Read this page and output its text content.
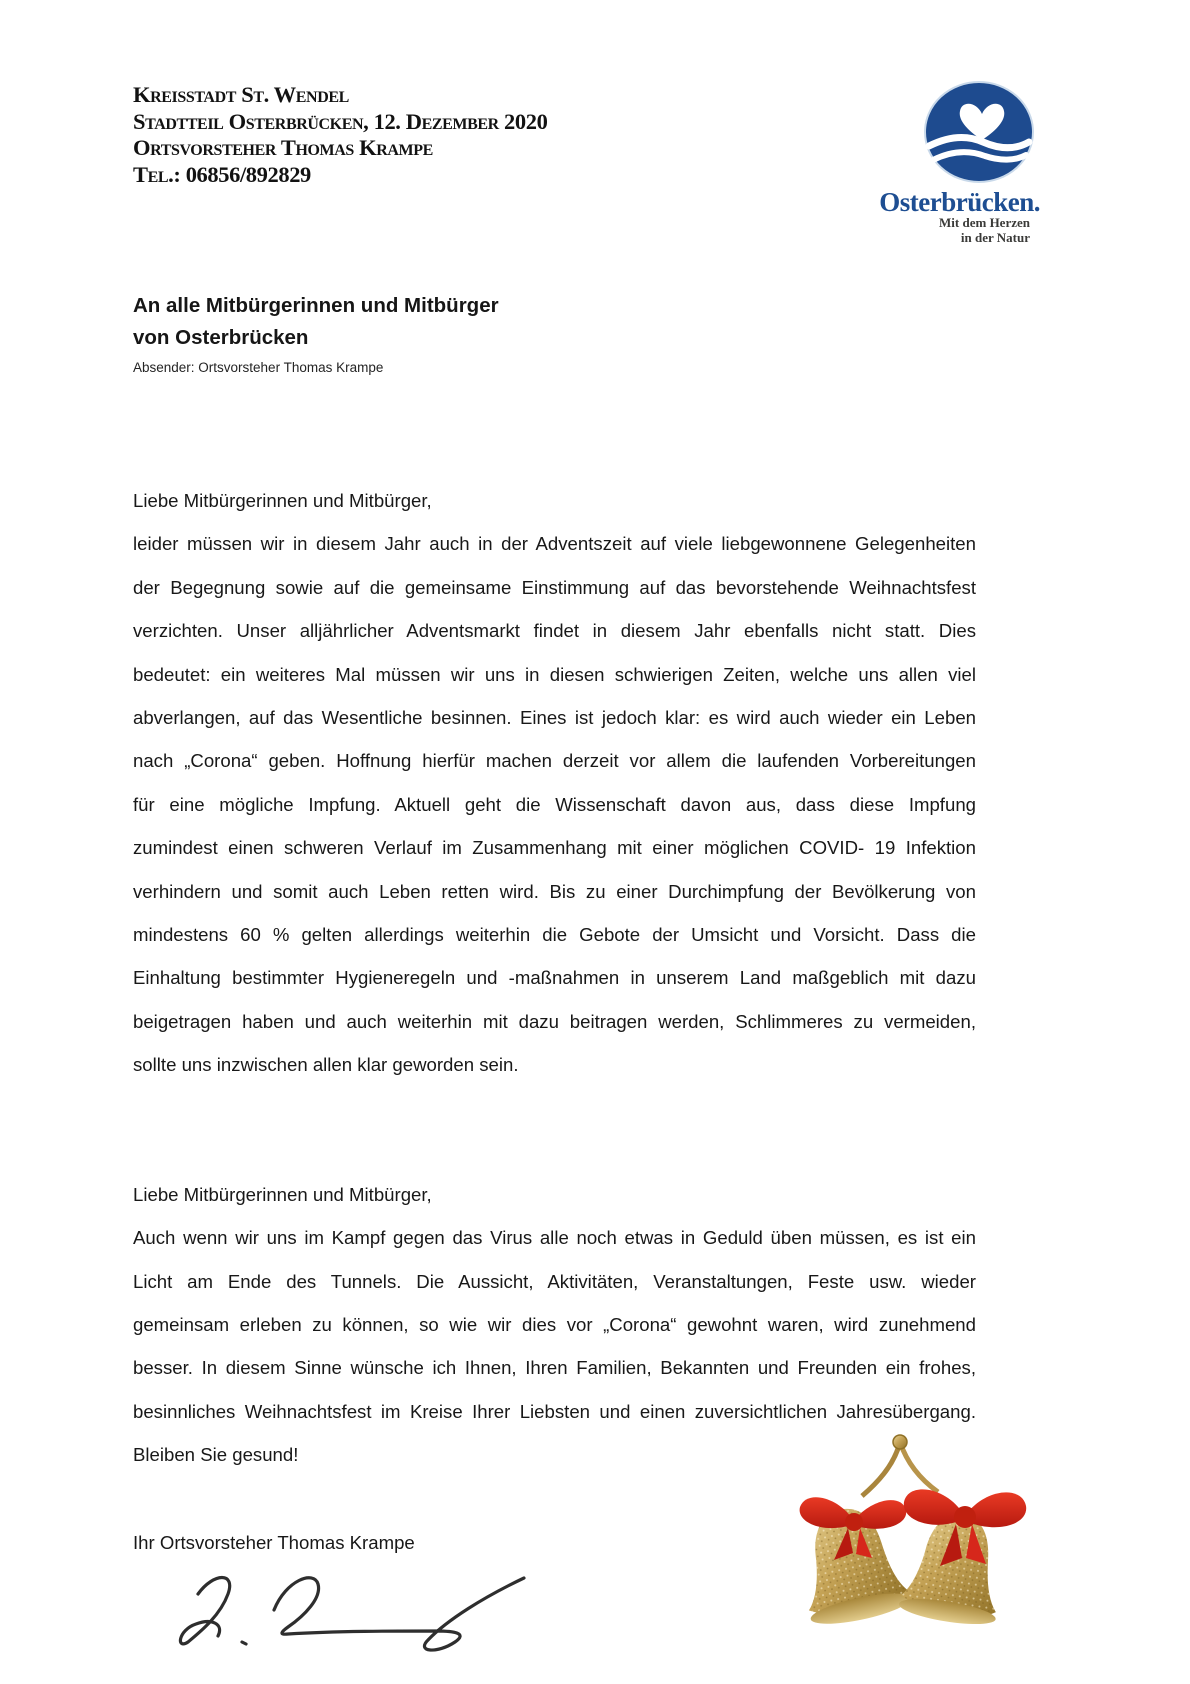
Kreisstadt St. Wendel
Stadtteil Osterbrücken, 12. Dezember 2020
Ortsvorsteher Thomas Krampe
Tel.: 06856/892829
Osterbrücken.
Mit dem Herzen
in der Natur
An alle Mitbürgerinnen und Mitbürger
von Osterbrücken
Absender: Ortsvorsteher Thomas Krampe
Liebe Mitbürgerinnen und Mitbürger,
leider müssen wir in diesem Jahr auch in der Adventszeit auf viele liebgewonnene Gelegenheiten
der Begegnung sowie auf die gemeinsame Einstimmung auf das bevorstehende Weihnachtsfest
verzichten. Unser alljährlicher Adventsmarkt findet in diesem Jahr ebenfalls nicht statt. Dies
bedeutet: ein weiteres Mal müssen wir uns in diesen schwierigen Zeiten, welche uns allen viel
abverlangen, auf das Wesentliche besinnen. Eines ist jedoch klar: es wird auch wieder ein Leben
nach „Corona“ geben. Hoffnung hierfür machen derzeit vor allem die laufenden Vorbereitungen
für eine mögliche Impfung. Aktuell geht die Wissenschaft davon aus, dass diese Impfung
zumindest einen schweren Verlauf im Zusammenhang mit einer möglichen COVID- 19 Infektion
verhindern und somit auch Leben retten wird. Bis zu einer Durchimpfung der Bevölkerung von
mindestens 60 % gelten allerdings weiterhin die Gebote der Umsicht und Vorsicht. Dass die
Einhaltung bestimmter Hygieneregeln und -maßnahmen in unserem Land maßgeblich mit dazu
beigetragen haben und auch weiterhin mit dazu beitragen werden, Schlimmeres zu vermeiden,
sollte uns inzwischen allen klar geworden sein.
Liebe Mitbürgerinnen und Mitbürger,
Auch wenn wir uns im Kampf gegen das Virus alle noch etwas in Geduld üben müssen, es ist ein
Licht am Ende des Tunnels. Die Aussicht, Aktivitäten, Veranstaltungen, Feste usw. wieder
gemeinsam erleben zu können, so wie wir dies vor „Corona“ gewohnt waren, wird zunehmend
besser. In diesem Sinne wünsche ich Ihnen, Ihren Familien, Bekannten und Freunden ein frohes,
besinnliches Weihnachtsfest im Kreise Ihrer Liebsten und einen zuversichtlichen Jahresübergang.
Bleiben Sie gesund!
Ihr Ortsvorsteher Thomas Krampe
